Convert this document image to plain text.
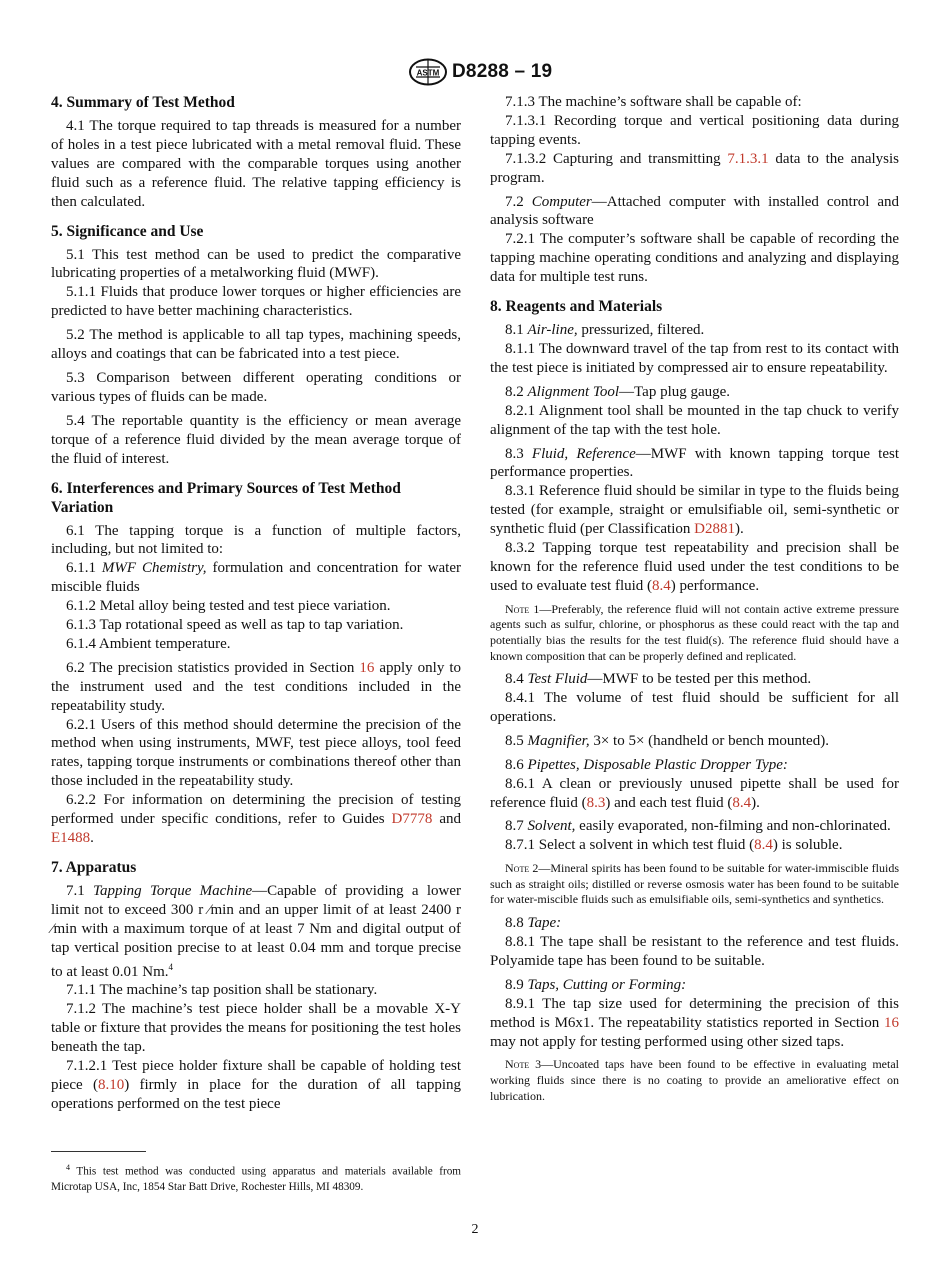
ASTM D8288 – 19
4. Summary of Test Method

4.1 The torque required to tap threads is measured for a number of holes in a test piece lubricated with a metal removal fluid. These values are compared with the comparable torques using another fluid such as a reference fluid. The relative tapping efficiency is then calculated.

5. Significance and Use

5.1 This test method can be used to predict the comparative lubricating properties of a metalworking fluid (MWF).

5.1.1 Fluids that produce lower torques or higher efficiencies are predicted to have better machining characteristics.

5.2 The method is applicable to all tap types, machining speeds, alloys and coatings that can be fabricated into a test piece.

5.3 Comparison between different operating conditions or various types of fluids can be made.

5.4 The reportable quantity is the efficiency or mean average torque of a reference fluid divided by the mean average torque of the fluid of interest.

6. Interferences and Primary Sources of Test Method Variation

6.1 The tapping torque is a function of multiple factors, including, but not limited to:

6.1.1 MWF Chemistry, formulation and concentration for water miscible fluids

6.1.2 Metal alloy being tested and test piece variation.

6.1.3 Tap rotational speed as well as tap to tap variation.

6.1.4 Ambient temperature.

6.2 The precision statistics provided in Section 16 apply only to the instrument used and the test conditions included in the repeatability study.

6.2.1 Users of this method should determine the precision of the method when using instruments, MWF, test piece alloys, tool feed rates, tapping torque instruments or combinations thereof other than those included in the repeatability study.

6.2.2 For information on determining the precision of testing performed under specific conditions, refer to Guides D7778 and E1488.

7. Apparatus

7.1 Tapping Torque Machine—Capable of providing a lower limit not to exceed 300 r ⁄min and an upper limit of at least 2400 r ⁄min with a maximum torque of at least 7 Nm and digital output of tap vertical position precise to at least 0.04 mm and torque precise to at least 0.01 Nm.$^4$

7.1.1 The machine’s tap position shall be stationary.

7.1.2 The machine’s test piece holder shall be a movable X-Y table or fixture that provides the means for positioning the test holes beneath the tap.

7.1.2.1 Test piece holder fixture shall be capable of holding test piece (8.10) firmly in place for the duration of all tapping operations performed on the test piece

7.1.3 The machine’s software shall be capable of:

7.1.3.1 Recording torque and vertical positioning data during tapping events.

7.1.3.2 Capturing and transmitting 7.1.3.1 data to the analysis program.

7.2 Computer—Attached computer with installed control and analysis software

7.2.1 The computer’s software shall be capable of recording the tapping machine operating conditions and analyzing and displaying data for multiple test runs.

8. Reagents and Materials

8.1 Air-line, pressurized, filtered.

8.1.1 The downward travel of the tap from rest to its contact with the test piece is initiated by compressed air to ensure repeatability.

8.2 Alignment Tool—Tap plug gauge.

8.2.1 Alignment tool shall be mounted in the tap chuck to verify alignment of the tap with the test hole.

8.3 Fluid, Reference—MWF with known tapping torque test performance properties.

8.3.1 Reference fluid should be similar in type to the fluids being tested (for example, straight or emulsifiable oil, semi-synthetic or synthetic fluid (per Classification D2881).

8.3.2 Tapping torque test repeatability and precision shall be known for the reference fluid used under the test conditions to be used to evaluate test fluid (8.4) performance.

Note 1—Preferably, the reference fluid will not contain active extreme pressure agents such as sulfur, chlorine, or phosphorus as these could react with the tap and potentially bias the results for the test fluid(s). The reference fluid should have a known composition that can be properly defined and replicated.

8.4 Test Fluid—MWF to be tested per this method.

8.4.1 The volume of test fluid should be sufficient for all operations.

8.5 Magnifier, 3× to 5× (handheld or bench mounted).

8.6 Pipettes, Disposable Plastic Dropper Type:

8.6.1 A clean or previously unused pipette shall be used for reference fluid (8.3) and each test fluid (8.4).

8.7 Solvent, easily evaporated, non-filming and non-chlorinated.

8.7.1 Select a solvent in which test fluid (8.4) is soluble.

Note 2—Mineral spirits has been found to be suitable for water-immiscible fluids such as straight oils; distilled or reverse osmosis water has been found to be suitable for water-miscible fluids such as emulsifiable oils, semi-synthetics and synthetics.

8.8 Tape:

8.8.1 The tape shall be resistant to the reference and test fluids. Polyamide tape has been found to be suitable.

8.9 Taps, Cutting or Forming:

8.9.1 The tap size used for determining the precision of this method is M6x1. The repeatability statistics reported in Section 16 may not apply for testing performed using other sized taps.

Note 3—Uncoated taps have been found to be effective in evaluating metal working fluids since there is no coating to provide an ameliorative effect on lubrication.
$^4$ This test method was conducted using apparatus and materials available from Microtap USA, Inc, 1854 Star Batt Drive, Rochester Hills, MI 48309.
2
